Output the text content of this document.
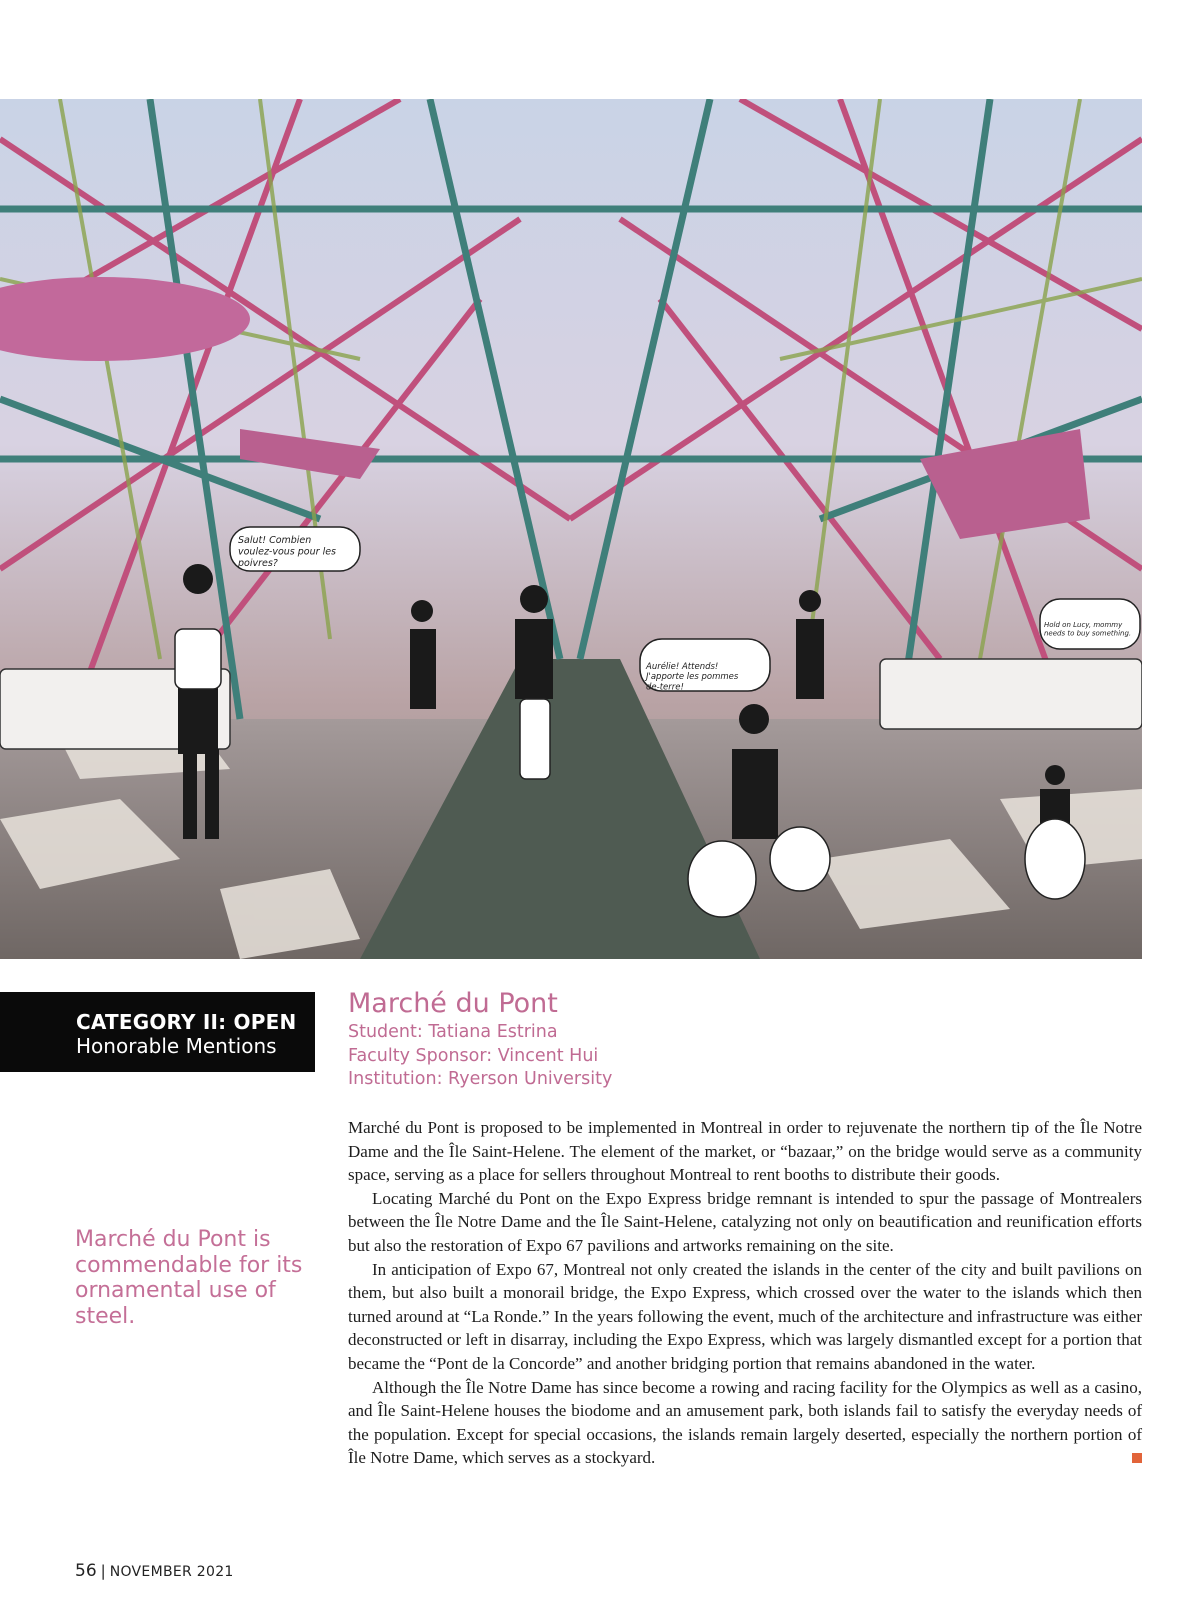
Salut! Combien voulez-vous pour les poivres?
Aurélie! Attends! J'apporte les pommes de-terre!
Hold on Lucy, mommy needs to buy something.
CATEGORY II: OPEN
Honorable Mentions
Marché du Pont
Student: Tatiana Estrina
Faculty Sponsor: Vincent Hui
Institution: Ryerson University
Marché du Pont is commendable for its ornamental use of steel.

Marché du Pont is proposed to be implemented in Montreal in order to rejuvenate the northern tip of the Île Notre Dame and the Île Saint-Helene. The element of the market, or “bazaar,” on the bridge would serve as a community space, serving as a place for sellers throughout Montreal to rent booths to distribute their goods.

Locating Marché du Pont on the Expo Express bridge remnant is intended to spur the passage of Montrealers between the Île Notre Dame and the Île Saint-Helene, catalyzing not only on beautification and reunification efforts but also the restoration of Expo 67 pavilions and artworks remaining on the site.

In anticipation of Expo 67, Montreal not only created the islands in the center of the city and built pavilions on them, but also built a monorail bridge, the Expo Express, which crossed over the water to the islands which then turned around at “La Ronde.” In the years following the event, much of the architecture and infrastructure was either deconstructed or left in disarray, including the Expo Express, which was largely dismantled except for a portion that became the “Pont de la Concorde” and another bridging portion that remains abandoned in the water.

Although the Île Notre Dame has since become a rowing and racing facility for the Olympics as well as a casino, and Île Saint-Helene houses the biodome and an amusement park, both islands fail to satisfy the everyday needs of the population. Except for special occasions, the islands remain largely deserted, especially the northern portion of Île Notre Dame, which serves as a stockyard.

56 | NOVEMBER 2021
